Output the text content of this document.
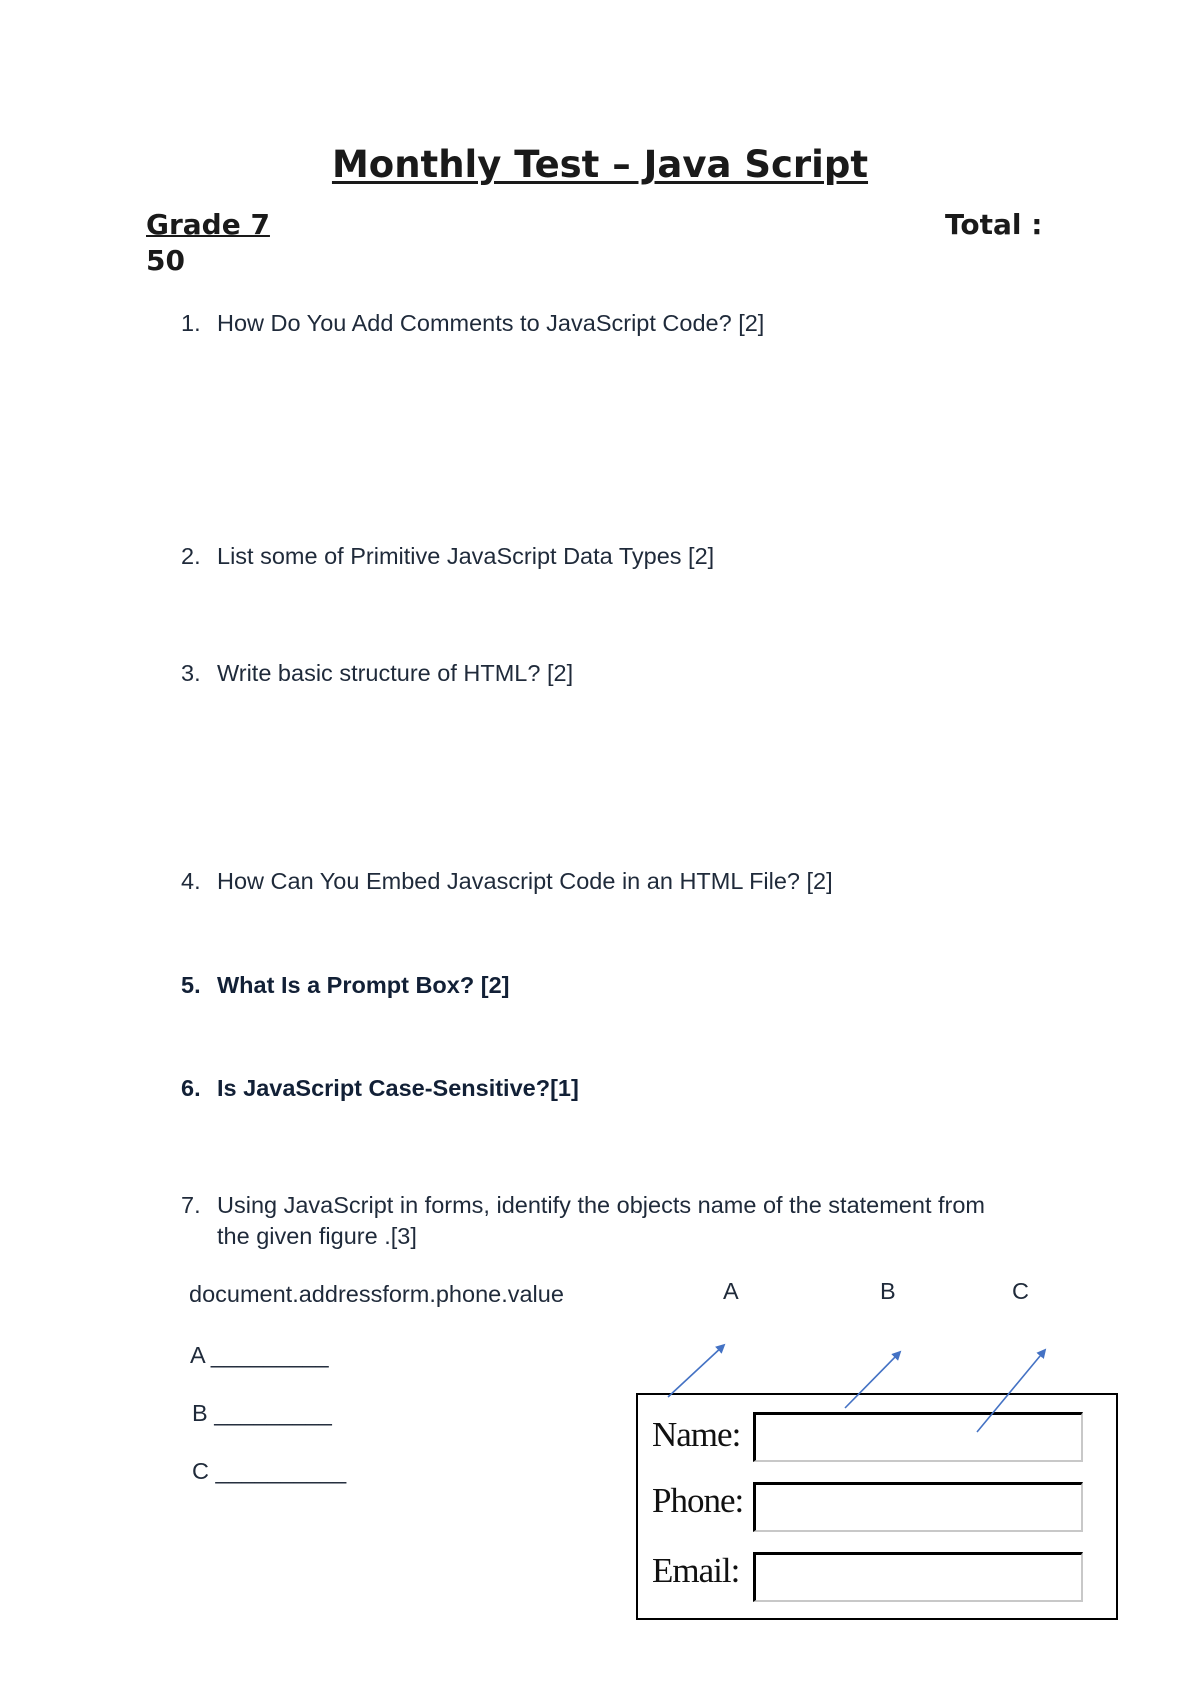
Monthly Test – Java Script
Grade 7	Total :
50
1. How Do You Add Comments to JavaScript Code? [2]
2. List some of Primitive JavaScript Data Types [2]
3. Write basic structure of HTML? [2]
4. How Can You Embed Javascript Code in an HTML File? [2]
5. What Is a Prompt Box? [2]
6. Is JavaScript Case-Sensitive?[1]
7. Using JavaScript in forms, identify the objects name of the statement from
the given figure .[3]
document.addressform.phone.value	A	B	C
A _________
B _________
C __________
Name:
Phone:
Email:
